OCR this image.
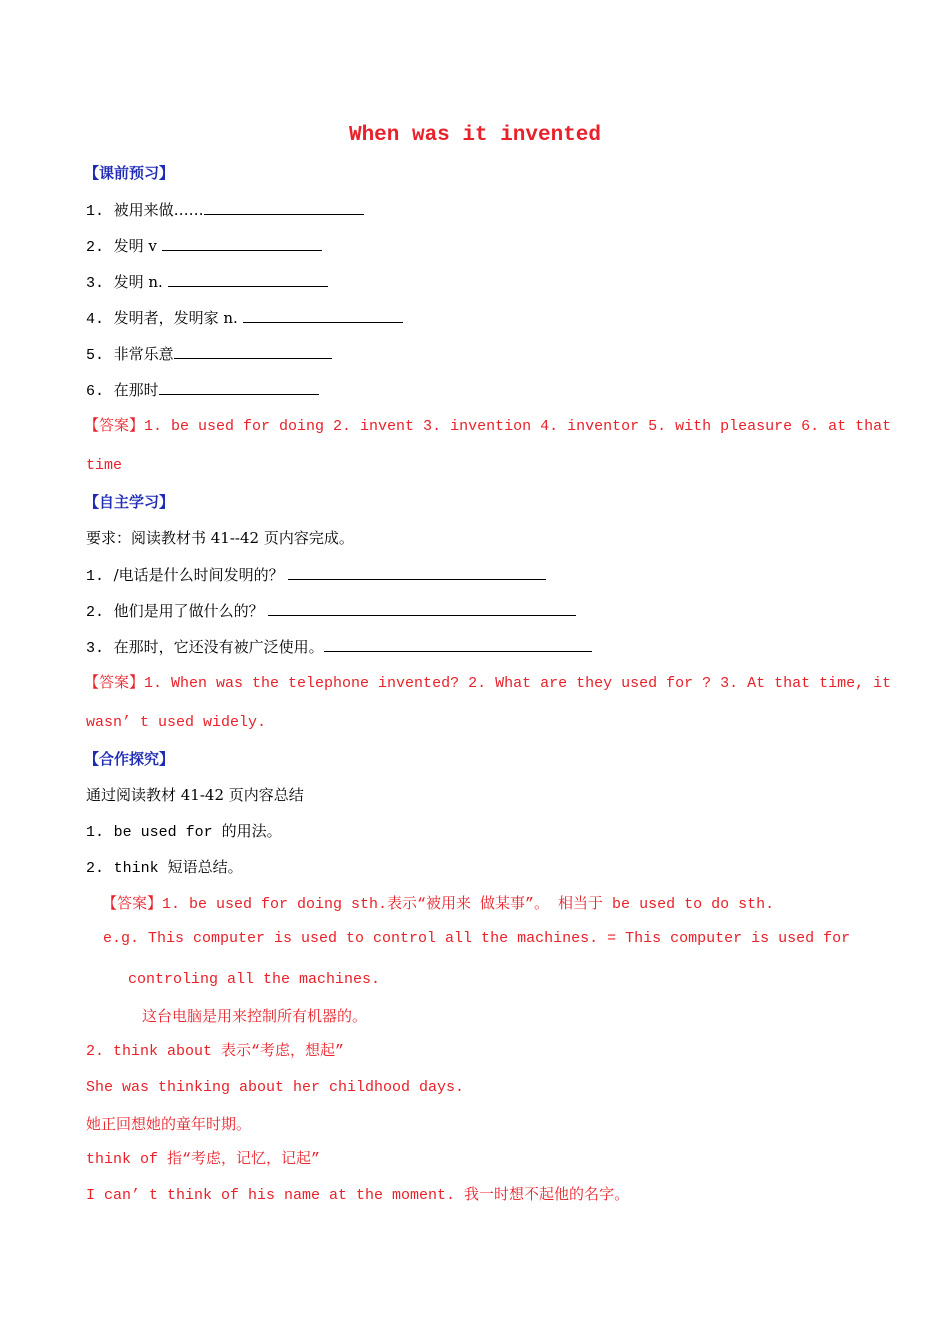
When was it invented
【课前预习】
1. 被用来做……
2. 发明 v
3. 发明 n.
4. 发明者，发明家 n.
5. 非常乐意
6. 在那时
【答案】1. be used for doing 2. invent 3. invention 4. inventor 5. with pleasure 6. at that
time
【自主学习】
要求：阅读教材书 41--42 页内容完成。
1. /电话是什么时间发明的？
2. 他们是用了做什么的？
3. 在那时，它还没有被广泛使用。
【答案】1. When was the telephone invented? 2. What are they used for ? 3. At that time, it
wasn’ t used widely.
【合作探究】
通过阅读教材 41-42 页内容总结
1. be used for 的用法。
2. think 短语总结。
【答案】1. be used for doing sth.表示“被用来 做某事”。 相当于 be used to do sth.
e.g. This computer is used to control all the machines. = This computer is used for
controling all the machines.
这台电脑是用来控制所有机器的。
2. think about 表示“考虑，想起”
She was thinking about her childhood days.
她正回想她的童年时期。
think of 指“考虑，记忆，记起”
I can’ t think of his name at the moment. 我一时想不起他的名字。
